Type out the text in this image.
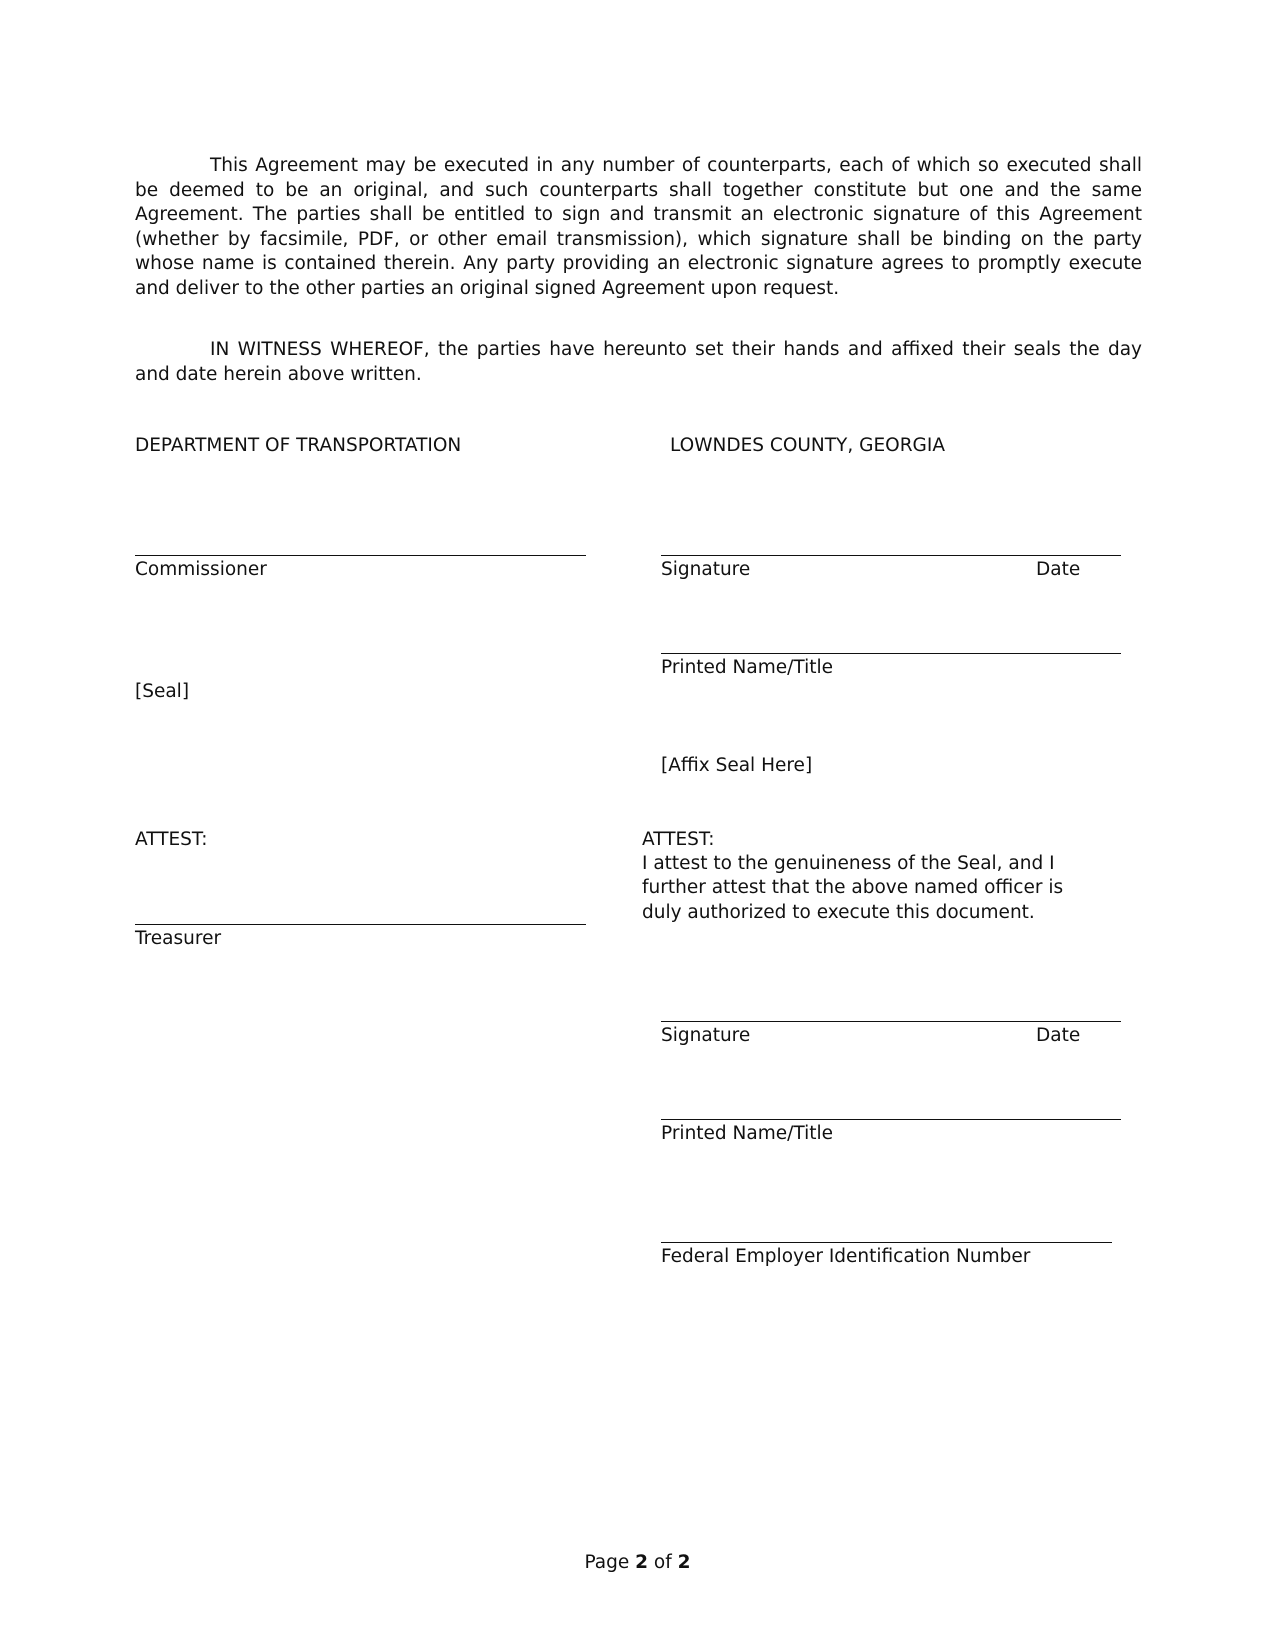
This Agreement may be executed in any number of counterparts, each of which so executed shall be deemed to be an original, and such counterparts shall together constitute but one and the same Agreement. The parties shall be entitled to sign and transmit an electronic signature of this Agreement (whether by facsimile, PDF, or other email transmission), which signature shall be binding on the party whose name is contained therein. Any party providing an electronic signature agrees to promptly execute and deliver to the other parties an original signed Agreement upon request.

IN WITNESS WHEREOF, the parties have hereunto set their hands and affixed their seals the day and date herein above written.

DEPARTMENT OF TRANSPORTATION
Commissioner
[Seal]
ATTEST:
Treasurer
LOWNDES COUNTY, GEORGIA
Signature	Date
Printed Name/Title
[Affix Seal Here]
ATTEST:
I attest to the genuineness of the Seal, and I further attest that the above named officer is duly authorized to execute this document.
Signature	Date
Printed Name/Title
Federal Employer Identification Number
Page 2 of 2
